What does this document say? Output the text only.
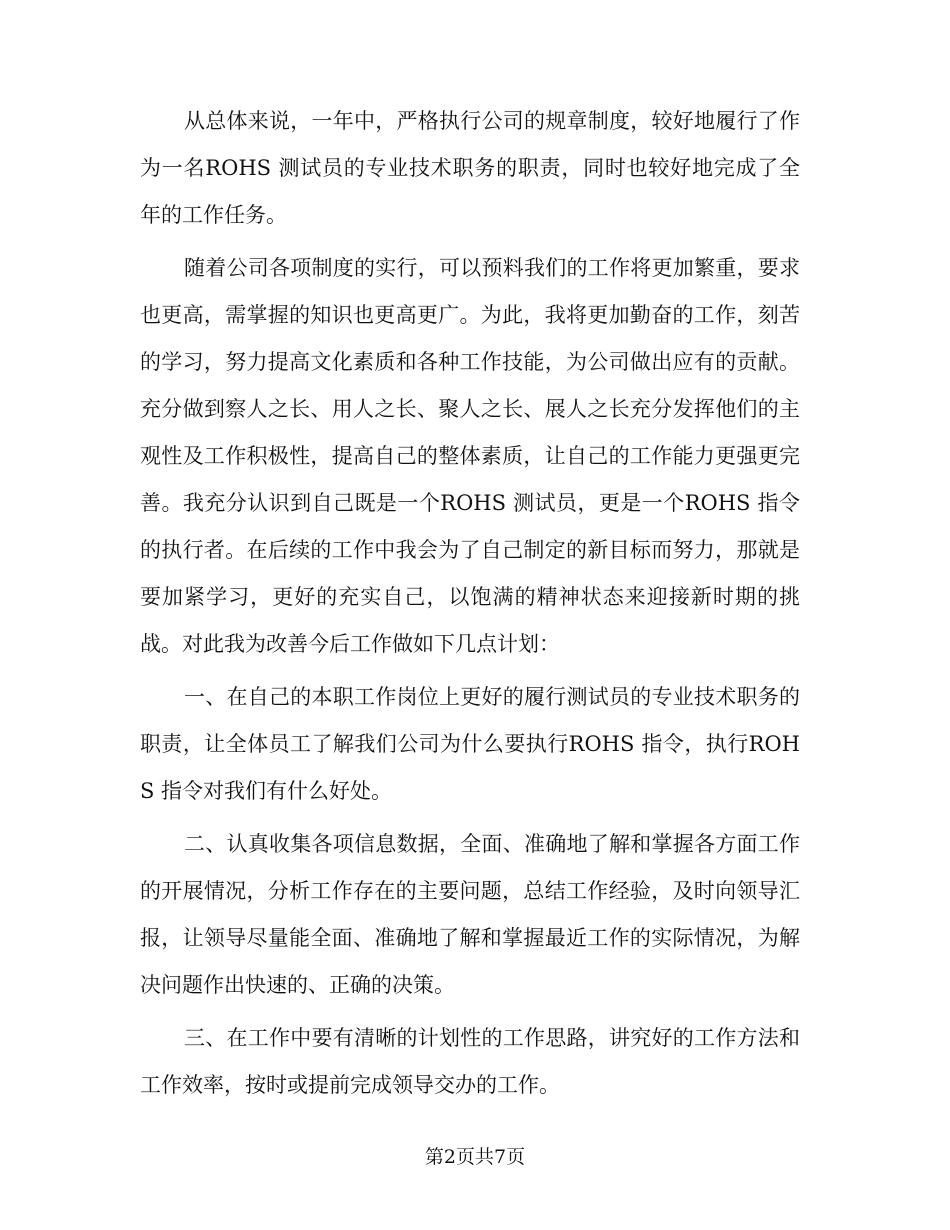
从总体来说，一年中，严格执行公司的规章制度，较好地履行了作为一名ROHS 测试员的专业技术职务的职责，同时也较好地完成了全年的工作任务。

随着公司各项制度的实行，可以预料我们的工作将更加繁重，要求也更高，需掌握的知识也更高更广。为此，我将更加勤奋的工作，刻苦的学习，努力提高文化素质和各种工作技能，为公司做出应有的贡献。充分做到察人之长、用人之长、聚人之长、展人之长充分发挥他们的主观性及工作积极性，提高自己的整体素质，让自己的工作能力更强更完善。我充分认识到自己既是一个ROHS 测试员，更是一个ROHS 指令的执行者。在后续的工作中我会为了自己制定的新目标而努力，那就是要加紧学习，更好的充实自己，以饱满的精神状态来迎接新时期的挑战。对此我为改善今后工作做如下几点计划：

一、在自己的本职工作岗位上更好的履行测试员的专业技术职务的职责，让全体员工了解我们公司为什么要执行ROHS 指令，执行ROHS 指令对我们有什么好处。

二、认真收集各项信息数据，全面、准确地了解和掌握各方面工作的开展情况，分析工作存在的主要问题，总结工作经验，及时向领导汇报，让领导尽量能全面、准确地了解和掌握最近工作的实际情况，为解决问题作出快速的、正确的决策。

三、在工作中要有清晰的计划性的工作思路，讲究好的工作方法和工作效率，按时或提前完成领导交办的工作。

第2页共7页
